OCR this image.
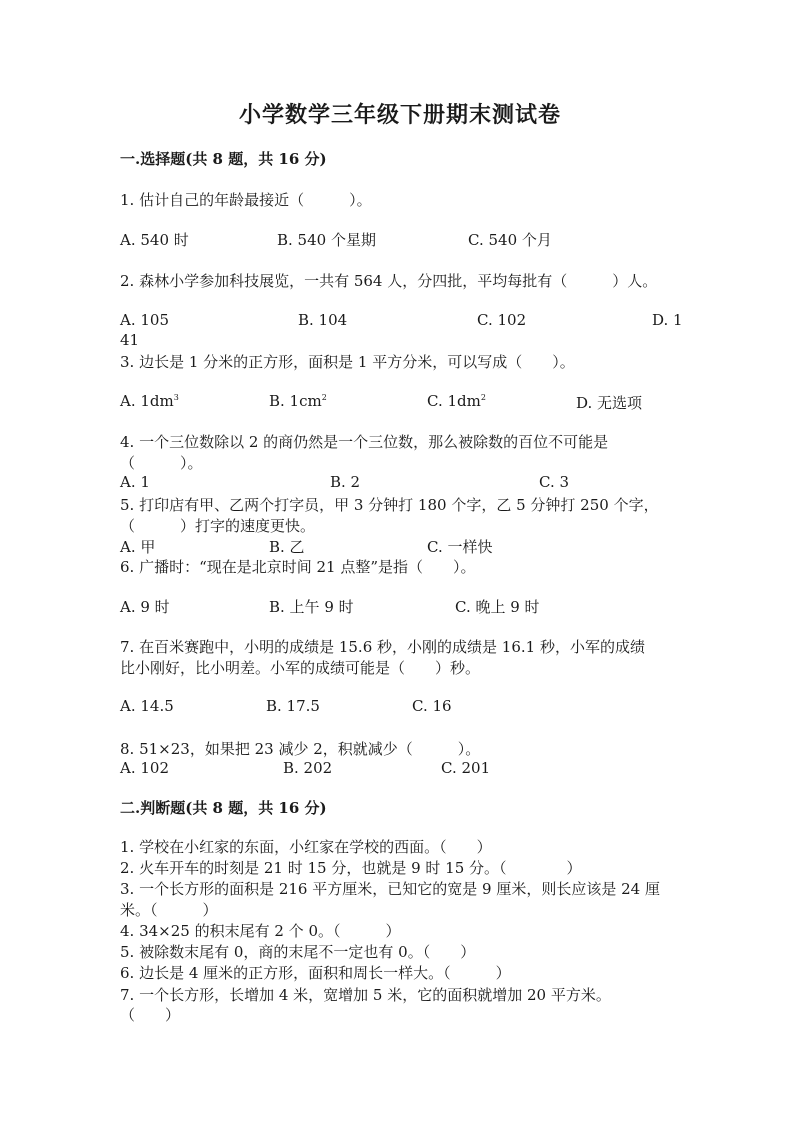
小学数学三年级下册期末测试卷
一.选择题(共 8 题，共 16 分)
1. 估计自己的年龄最接近（　　　）。
A. 540 时	B. 540 个星期	C. 540 个月
2. 森林小学参加科技展览，一共有 564 人，分四批，平均每批有（　　　）人。
A. 105	B. 104	C. 102	D. 1
41
3. 边长是 1 分米的正方形，面积是 1 平方分米，可以写成（　　）。
A. $1dm^3$	B. $1cm^2$	C. $1dm^2$	D. 无选项
4. 一个三位数除以 2 的商仍然是一个三位数，那么被除数的百位不可能是
（　　　）。
A. 1	B. 2	C. 3
5. 打印店有甲、乙两个打字员，甲 3 分钟打 180 个字，乙 5 分钟打 250 个字，
（　　　）打字的速度更快。
A. 甲	B. 乙	C. 一样快
6. 广播时：“现在是北京时间 21 点整”是指（　　）。
A. 9 时	B. 上午 9 时	C. 晚上 9 时
7. 在百米赛跑中，小明的成绩是 15.6 秒，小刚的成绩是 16.1 秒，小军的成绩
比小刚好，比小明差。小军的成绩可能是（　　）秒。
A. 14.5	B. 17.5	C. 16
8. 51×23，如果把 23 减少 2，积就减少（　　　）。
A. 102	B. 202	C. 201
二.判断题(共 8 题，共 16 分)
1. 学校在小红家的东面，小红家在学校的西面。（　　）
2. 火车开车的时刻是 21 时 15 分，也就是 9 时 15 分。（　　　　）
3. 一个长方形的面积是 216 平方厘米，已知它的宽是 9 厘米，则长应该是 24 厘
米。（　　　）
4. 34×25 的积末尾有 2 个 0。（　　　）
5. 被除数末尾有 0，商的末尾不一定也有 0。（　　）
6. 边长是 4 厘米的正方形，面积和周长一样大。（　　　）
7. 一个长方形，长增加 4 米，宽增加 5 米，它的面积就增加 20 平方米。
（　　）
